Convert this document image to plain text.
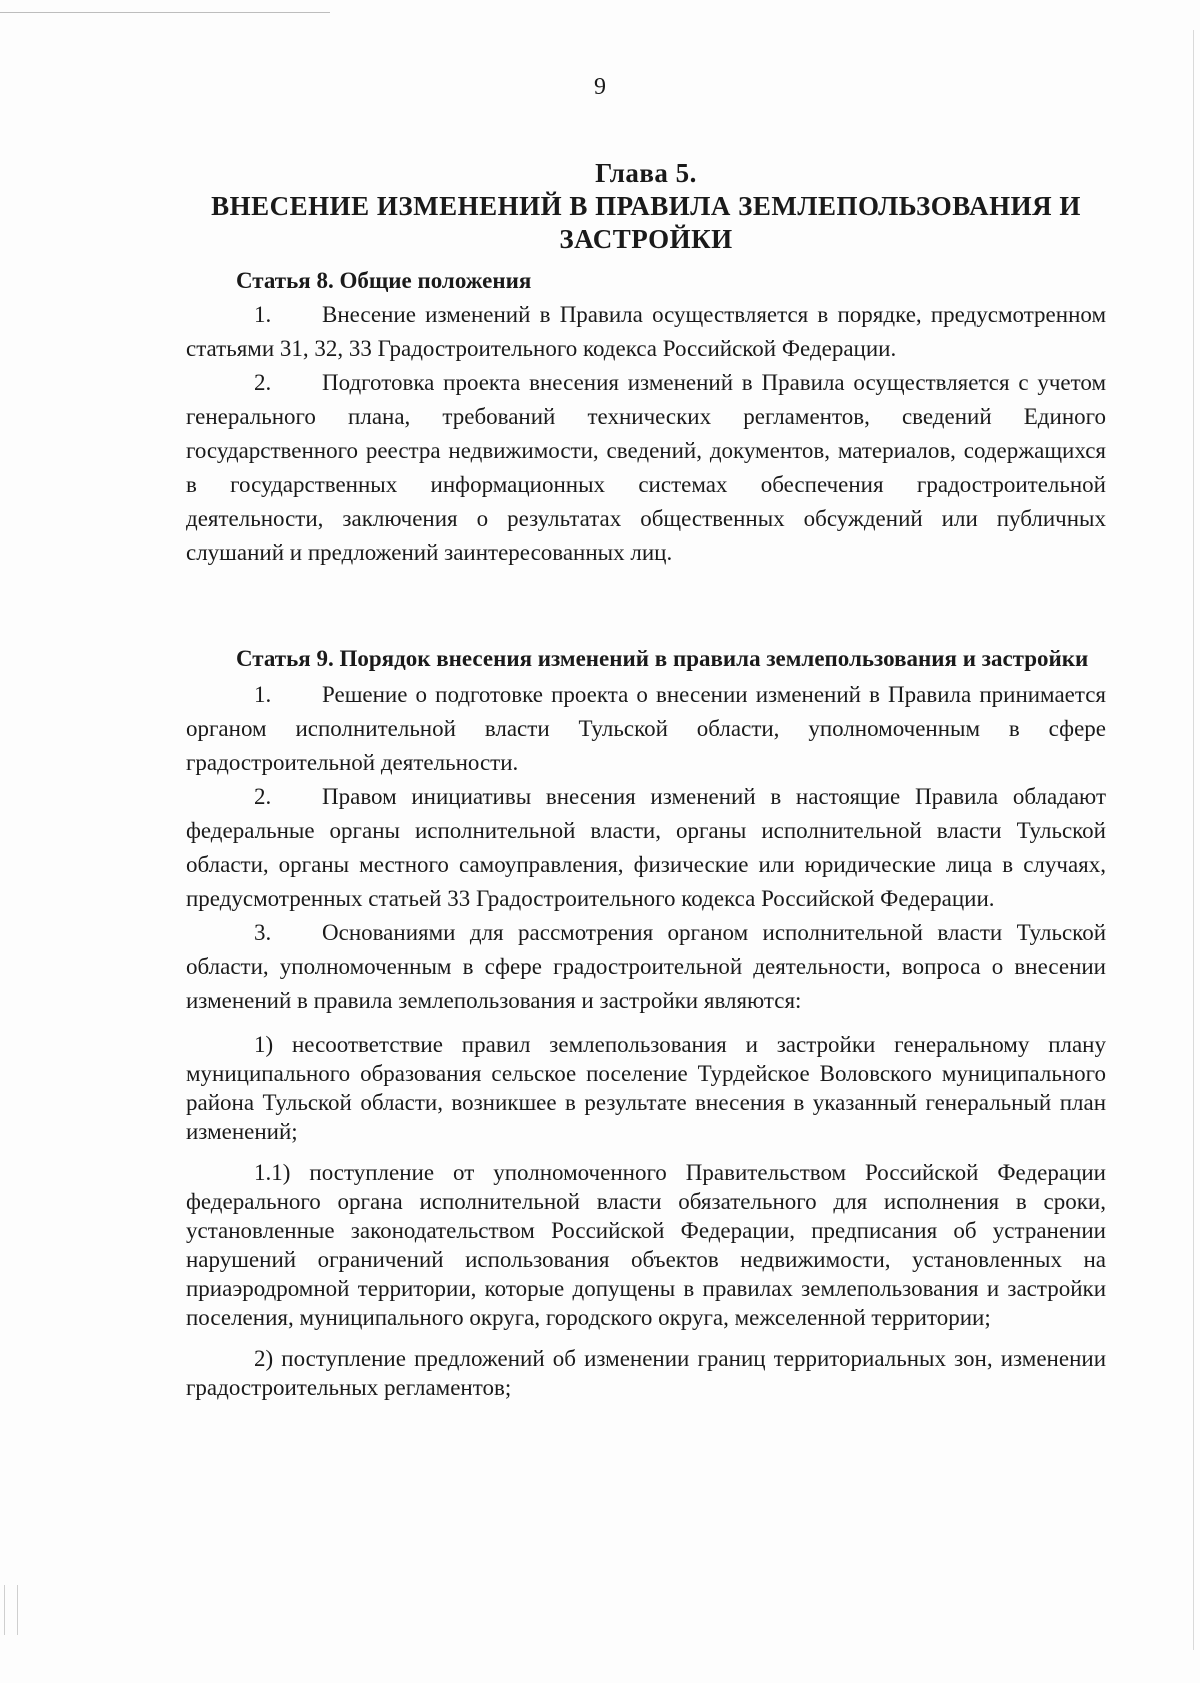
9
Глава 5.
ВНЕСЕНИЕ ИЗМЕНЕНИЙ В ПРАВИЛА ЗЕМЛЕПОЛЬЗОВАНИЯ И
ЗАСТРОЙКИ
Статья 8. Общие положения

1. Внесение изменений в Правила осуществляется в порядке, предусмотренном статьями 31, 32, 33 Градостроительного кодекса Российской Федерации.

2. Подготовка проекта внесения изменений в Правила осуществляется с учетом генерального плана, требований технических регламентов, сведений Единого государственного реестра недвижимости, сведений, документов, материалов, содержащихся в государственных информационных системах обеспечения градостроительной деятельности, заключения о результатах общественных обсуждений или публичных слушаний и предложений заинтересованных лиц.

Статья 9. Порядок внесения изменений в правила землепользования и застройки

1. Решение о подготовке проекта о внесении изменений в Правила принимается органом исполнительной власти Тульской области, уполномоченным в сфере градостроительной деятельности.

2. Правом инициативы внесения изменений в настоящие Правила обладают федеральные органы исполнительной власти, органы исполнительной власти Тульской области, органы местного самоуправления, физические или юридические лица в случаях, предусмотренных статьей 33 Градостроительного кодекса Российской Федерации.

3. Основаниями для рассмотрения органом исполнительной власти Тульской области, уполномоченным в сфере градостроительной деятельности, вопроса о внесении изменений в правила землепользования и застройки являются:

1) несоответствие правил землепользования и застройки генеральному плану муниципального образования сельское поселение Турдейское Воловского муниципального района Тульской области, возникшее в результате внесения в указанный генеральный план изменений;

1.1) поступление от уполномоченного Правительством Российской Федерации федерального органа исполнительной власти обязательного для исполнения в сроки, установленные законодательством Российской Федерации, предписания об устранении нарушений ограничений использования объектов недвижимости, установленных на приаэродромной территории, которые допущены в правилах землепользования и застройки поселения, муниципального округа, городского округа, межселенной территории;

2) поступление предложений об изменении границ территориальных зон, изменении градостроительных регламентов;
